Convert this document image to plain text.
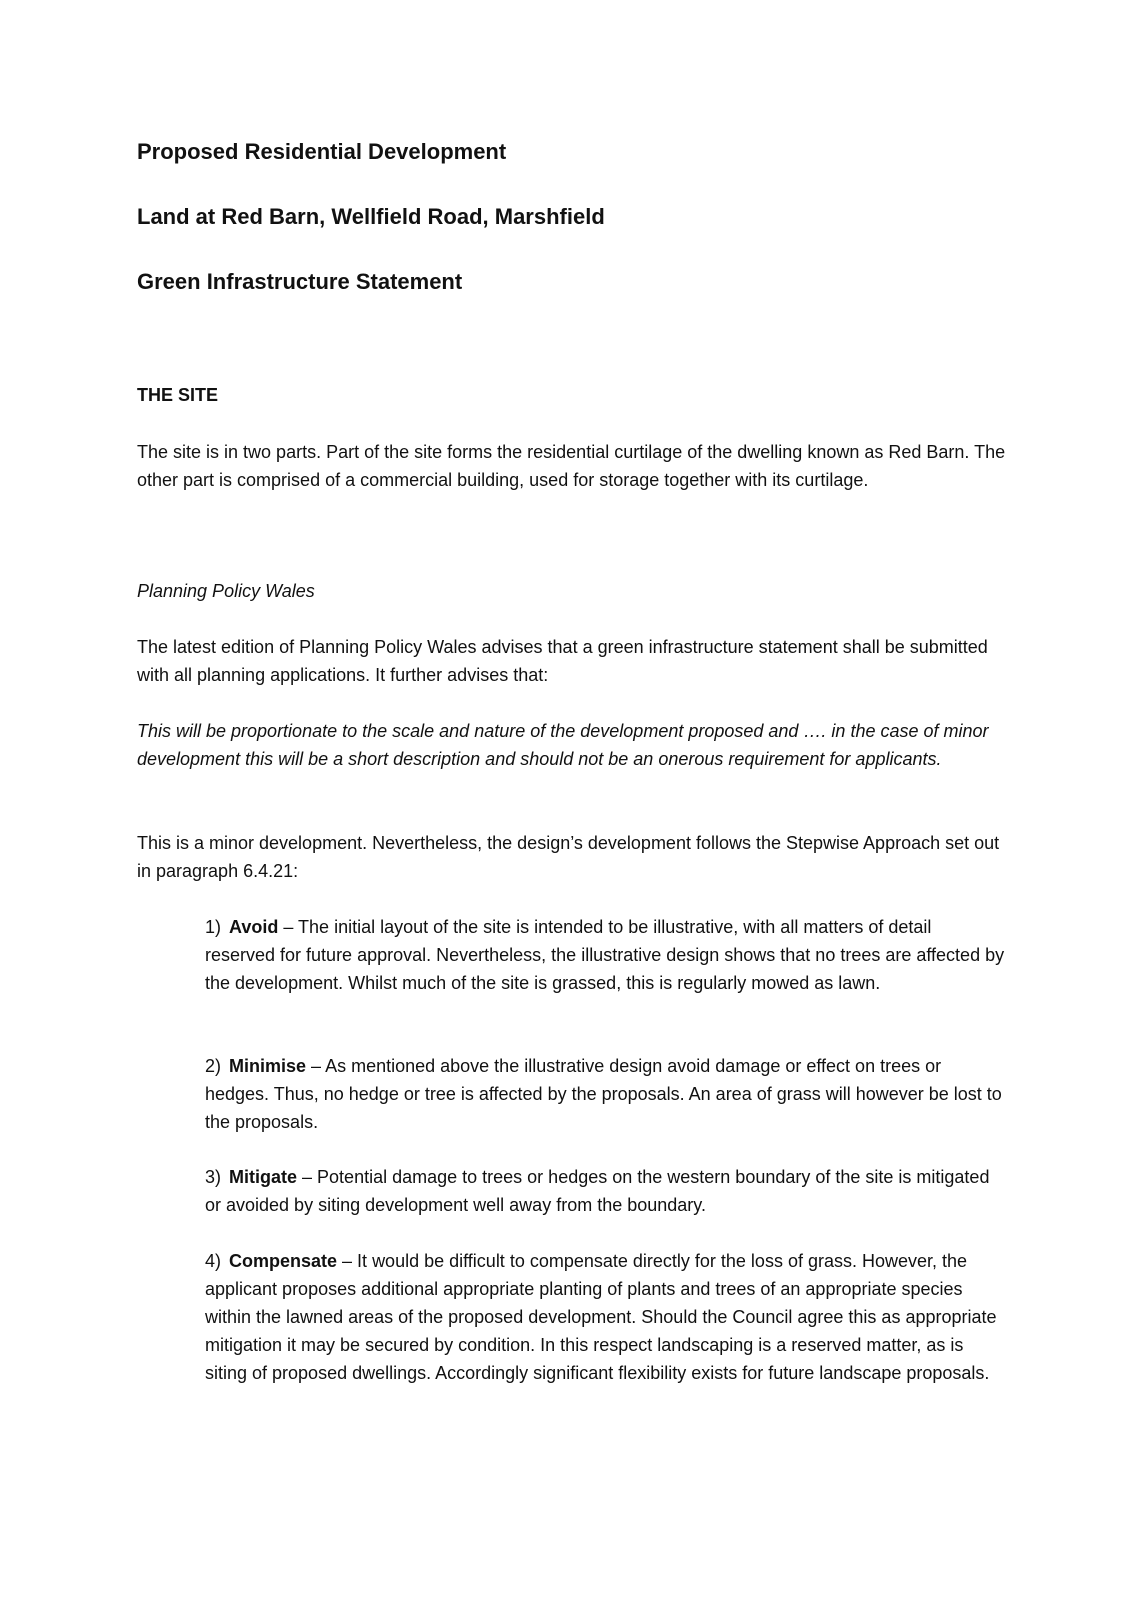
Proposed Residential Development
Land at Red Barn, Wellfield Road, Marshfield
Green Infrastructure Statement
THE SITE

The site is in two parts. Part of the site forms the residential curtilage of the dwelling known as Red Barn. The other part is comprised of a commercial building, used for storage together with its curtilage.

Planning Policy Wales

The latest edition of Planning Policy Wales advises that a green infrastructure statement shall be submitted with all planning applications. It further advises that:

This will be proportionate to the scale and nature of the development proposed and …. in the case of minor development this will be a short description and should not be an onerous requirement for applicants.

This is a minor development. Nevertheless, the design’s development follows the Stepwise Approach set out in paragraph 6.4.21:

1) Avoid – The initial layout of the site is intended to be illustrative, with all matters of detail reserved for future approval. Nevertheless, the illustrative design shows that no trees are affected by the development. Whilst much of the site is grassed, this is regularly mowed as lawn.

2) Minimise – As mentioned above the illustrative design avoid damage or effect on trees or hedges. Thus, no hedge or tree is affected by the proposals. An area of grass will however be lost to the proposals.

3) Mitigate – Potential damage to trees or hedges on the western boundary of the site is mitigated or avoided by siting development well away from the boundary.

4) Compensate – It would be difficult to compensate directly for the loss of grass. However, the applicant proposes additional appropriate planting of plants and trees of an appropriate species within the lawned areas of the proposed development. Should the Council agree this as appropriate mitigation it may be secured by condition. In this respect landscaping is a reserved matter, as is siting of proposed dwellings. Accordingly significant flexibility exists for future landscape proposals.
